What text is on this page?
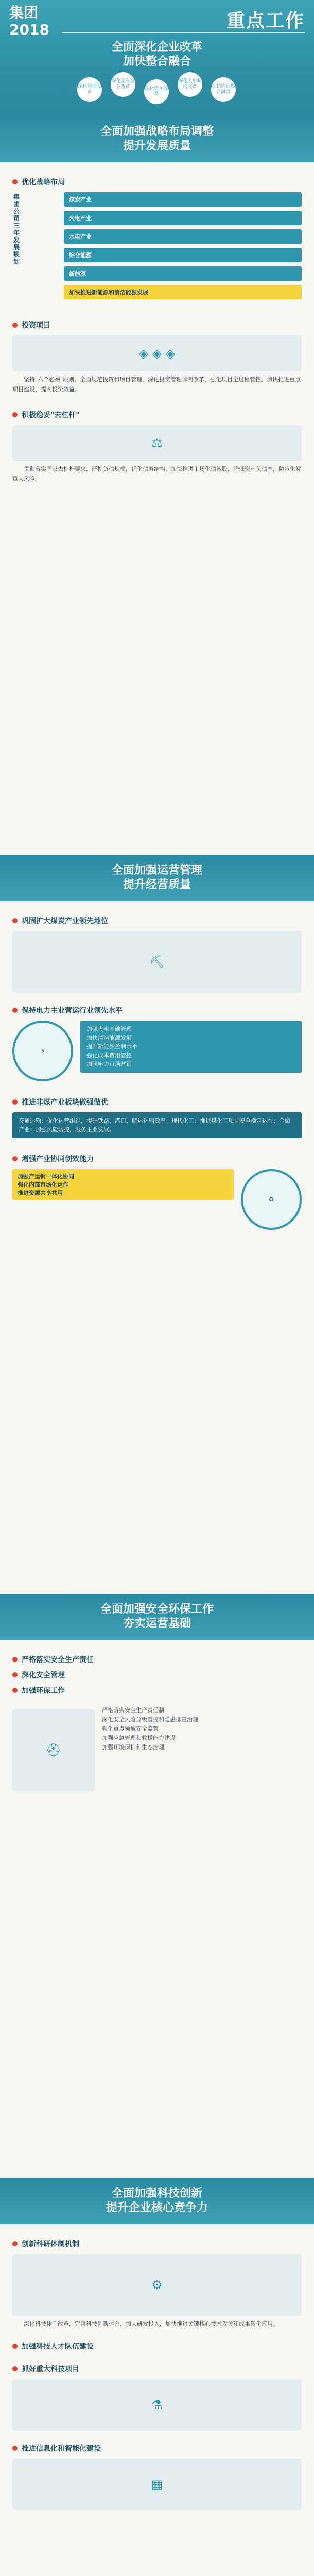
集团
2018	重点工作
全面深化企业改革
加快整合融合
深化管理改革
深化国有企业改革	深化资本改革
深化人事制度改革	加快内部整合融合
全面加强战略布局调整
提升发展质量
优化战略布局
集团公司三年发展规划
煤炭产业
火电产业
水电产业
综合能源
新能源
加快推进新能源和清洁能源发展
投资项目
◈ ◈ ◈
坚持"六个必须"原则，全面规范投资和项目管理，深化投资管理体制改革，强化项目全过程管控，加快推进重点项目建设，提高投资效益。
积极稳妥"去杠杆"
⚖
贯彻落实国家去杠杆要求，严控负债规模，优化债务结构，加快推进市场化债转股，降低资产负债率，防范化解重大风险。
全面加强运营管理
提升经营质量
巩固扩大煤炭产业领先地位
⛏
保持电力主业营运行业领先水平
⚡
加强火电基础管理
加快清洁能源发展
提升新能源盈利水平
强化成本费用管控
加强电力市场营销
推进非煤产业板块做强做优
交通运输：优化运营组织，提升铁路、港口、航运运输效率；现代化工：推进煤化工项目安全稳定运行；金融产业：加强风险防控，服务主业发展。
增强产业协同创效能力
加强产运销一体化协同
强化内部市场化运作
推进资源共享共用
♻
全面加强安全环保工作
夯实运营基础
严格落实安全生产责任
深化安全管理
加强环保工作
⛑
严格落实安全生产责任制
深化安全风险分级管控和隐患排查治理
强化重点领域安全监管
加强应急管理和救援能力建设
加强环境保护和生态治理
全面加强科技创新
提升企业核心竞争力
创新科研体制机制
⚙
深化科技体制改革，完善科技创新体系，加大研发投入，加快推进关键核心技术攻关和成果转化应用。
加强科技人才队伍建设
抓好重大科技项目
⚗
推进信息化和智能化建设
▦
